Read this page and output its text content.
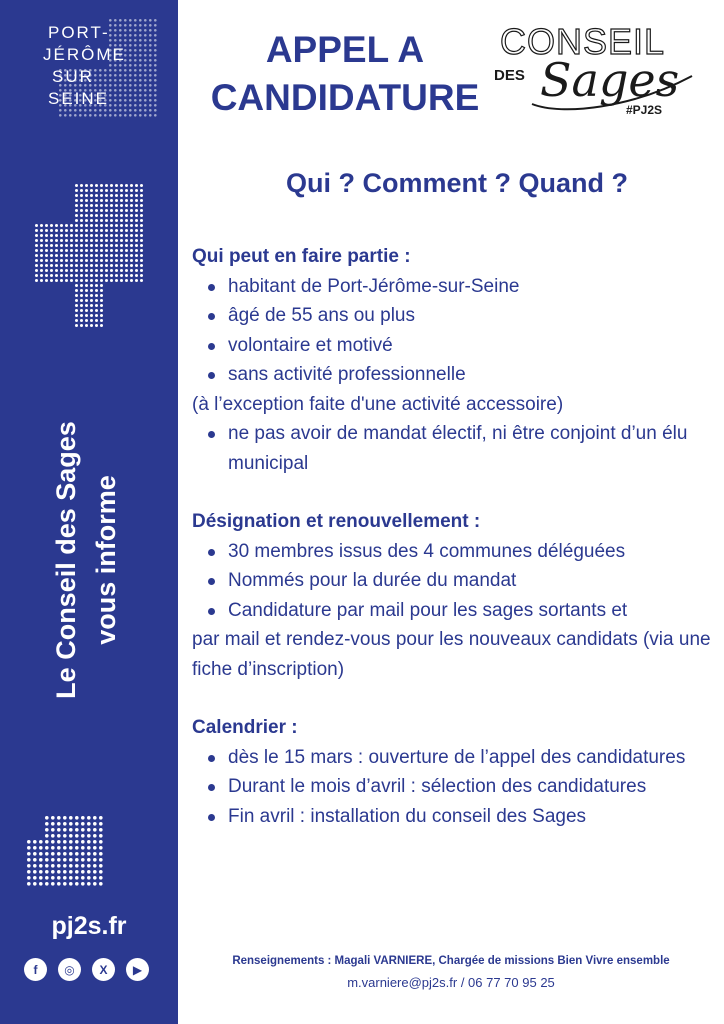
PORT-
JÉRÔME
SUR
SEINE
Le Conseil des Sages vous informe
pj2s.fr
f	◎	X	▶
APPEL A
CANDIDATURE
CONSEIL
DES Sages
#PJ2S
Qui ? Comment ? Quand ?
Qui peut en faire partie :
habitant de Port-Jérôme-sur-Seine
âgé de 55 ans ou plus
volontaire et motivé
sans activité professionnelle
(à l’exception faite d'une activité accessoire)
ne pas avoir de mandat électif, ni être conjoint d’un élu municipal
Désignation et renouvellement :
30 membres issus des 4 communes déléguées
Nommés pour la durée du mandat
Candidature par mail pour les sages sortants et
par mail et rendez-vous pour les nouveaux candidats (via une fiche d’inscription)
Calendrier :
dès le 15 mars : ouverture de l’appel des candidatures
Durant le mois d’avril : sélection des candidatures
Fin avril : installation du conseil des Sages
Renseignements : Magali VARNIERE, Chargée de missions Bien Vivre ensemble
m.varniere@pj2s.fr / 06 77 70 95 25
